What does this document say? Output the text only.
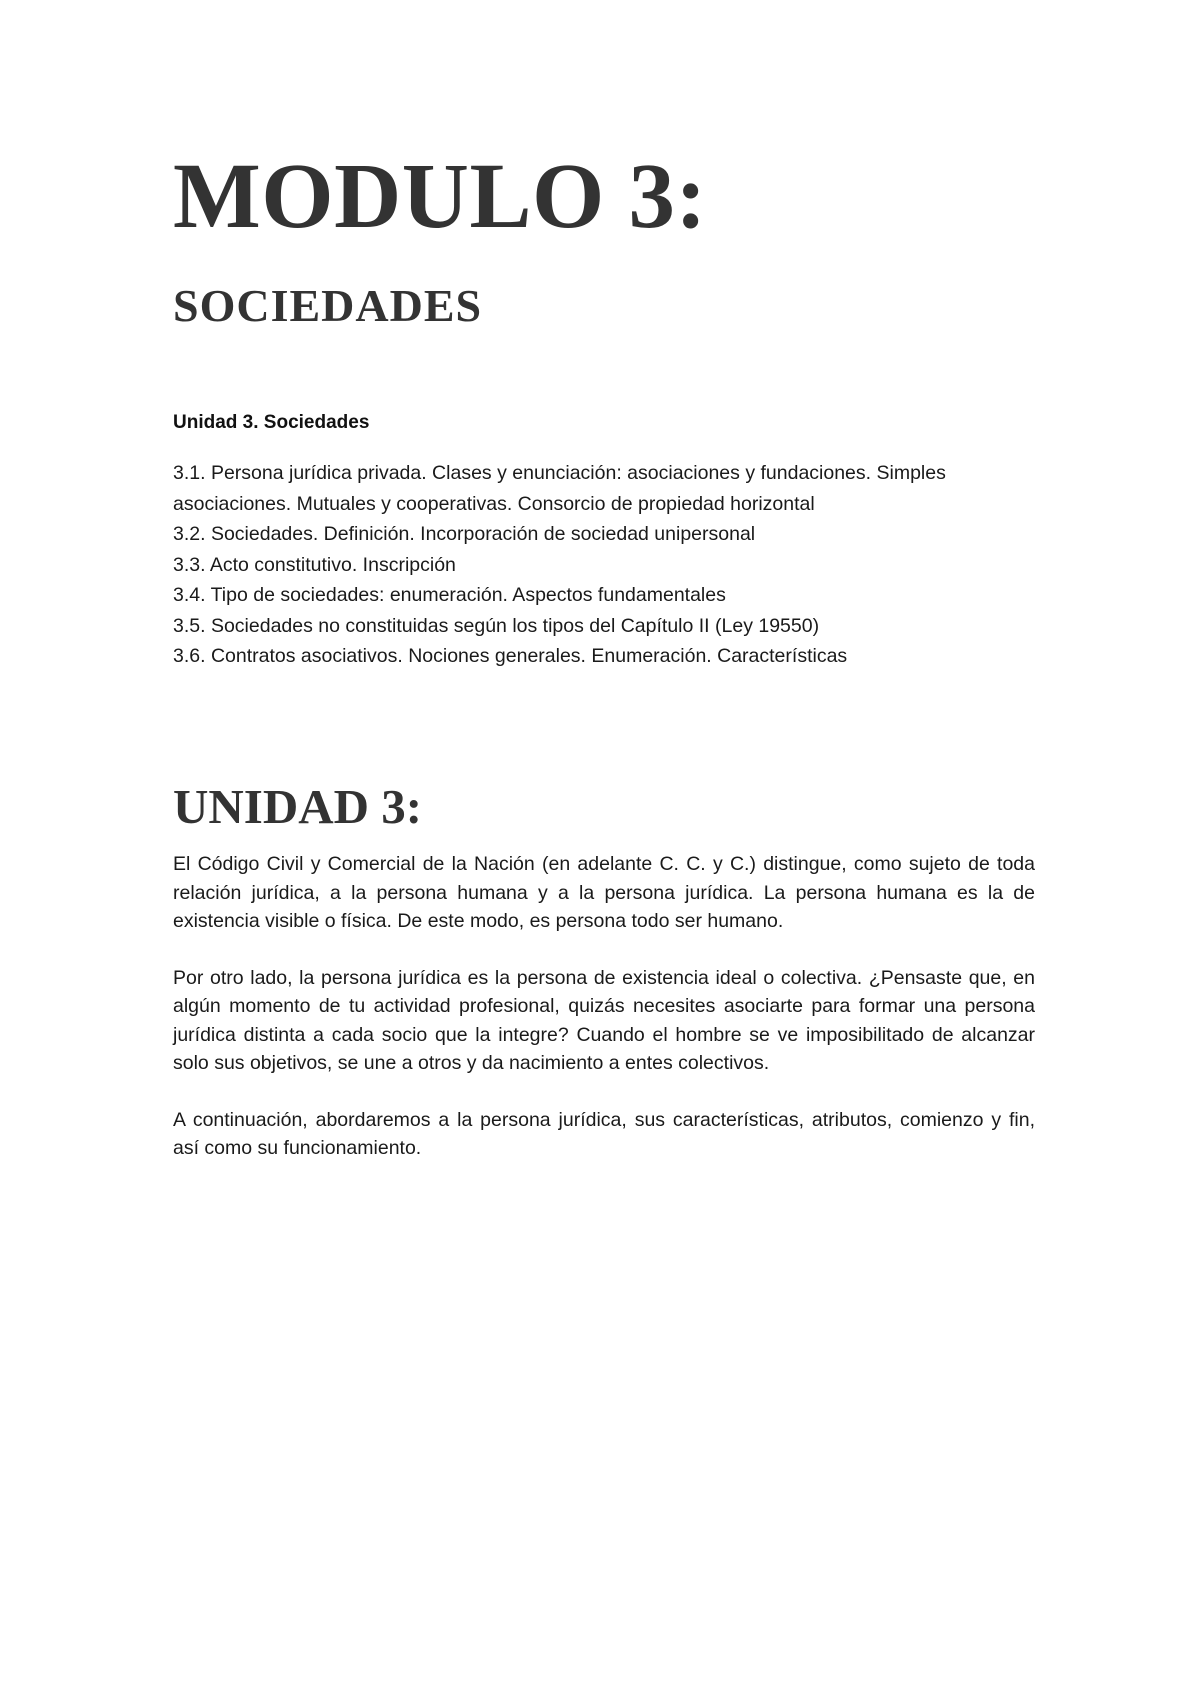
MODULO 3:
SOCIEDADES
Unidad 3. Sociedades
3.1. Persona jurídica privada. Clases y enunciación: asociaciones y fundaciones. Simples asociaciones. Mutuales y cooperativas. Consorcio de propiedad horizontal
3.2. Sociedades. Definición. Incorporación de sociedad unipersonal
3.3. Acto constitutivo. Inscripción
3.4. Tipo de sociedades: enumeración. Aspectos fundamentales
3.5. Sociedades no constituidas según los tipos del Capítulo II (Ley 19550)
3.6. Contratos asociativos. Nociones generales. Enumeración. Características
UNIDAD 3:

El Código Civil y Comercial de la Nación (en adelante C. C. y C.) distingue, como sujeto de toda relación jurídica, a la persona humana y a la persona jurídica. La persona humana es la de existencia visible o física. De este modo, es persona todo ser humano.

Por otro lado, la persona jurídica es la persona de existencia ideal o colectiva. ¿Pensaste que, en algún momento de tu actividad profesional, quizás necesites asociarte para formar una persona jurídica distinta a cada socio que la integre? Cuando el hombre se ve imposibilitado de alcanzar solo sus objetivos, se une a otros y da nacimiento a entes colectivos.

A continuación, abordaremos a la persona jurídica, sus características, atributos, comienzo y fin, así como su funcionamiento.
